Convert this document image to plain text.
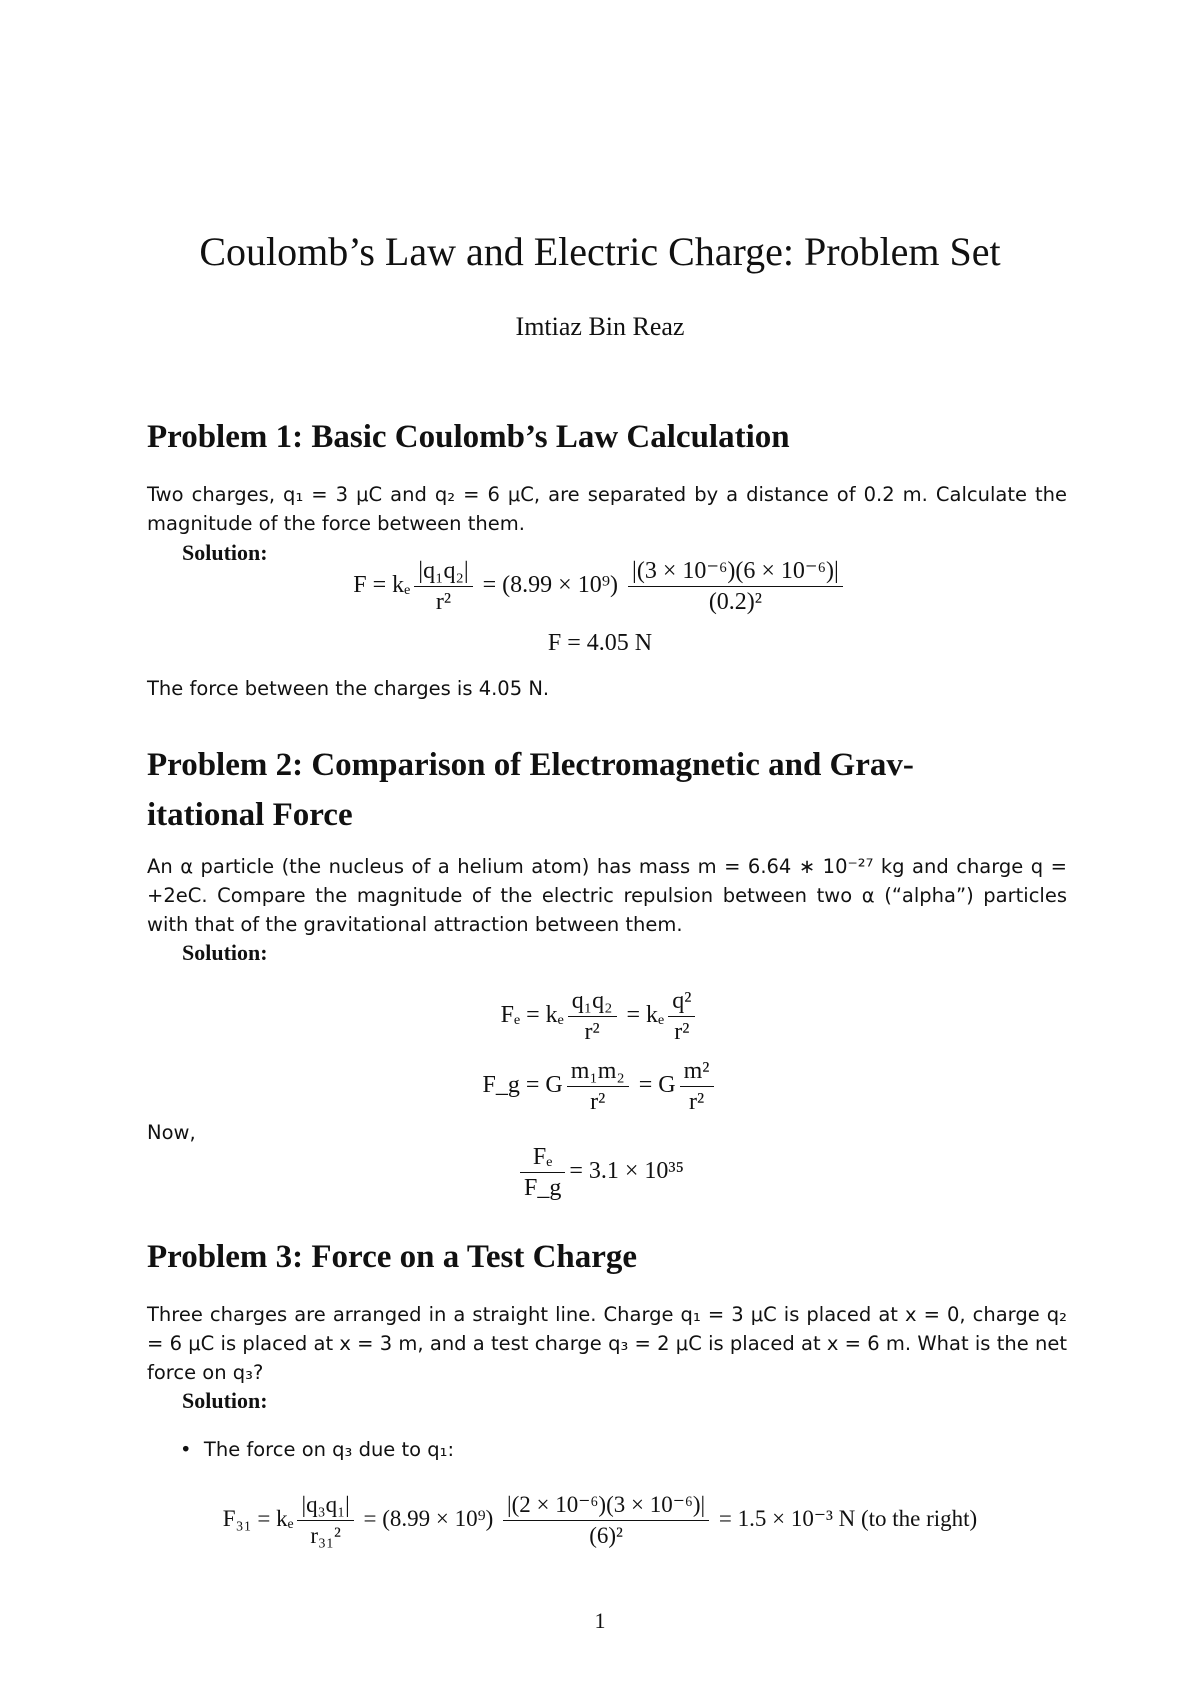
Coulomb’s Law and Electric Charge: Problem Set
Imtiaz Bin Reaz
Problem 1: Basic Coulomb’s Law Calculation
Two charges, q₁ = 3 μC and q₂ = 6 μC, are separated by a distance of 0.2 m. Calculate the magnitude of the force between them.
Solution:
F = kₑ $\frac{\text{|q₁q₂|}}{\text{r²}} = (8.99 \times 10^9) \frac{\text{|(3 × 10⁻⁶)(6 × 10⁻⁶)|}}{\text{(0.2)²}}$
F = 4.05 N
The force between the charges is 4.05 N.
Problem 2: Comparison of Electromagnetic and Grav-
itational Force
An α particle (the nucleus of a helium atom) has mass m = 6.64 ∗ 10⁻²⁷ kg and charge q = +2eC. Compare the magnitude of the electric repulsion between two α (“alpha”) particles with that of the gravitational attraction between them.
Solution:
Fₑ = kₑ $\frac{\text{q₁q₂}}{\text{r²}} = k_e \frac{\text{q²}}{\text{r²}}$
F_g = G $\frac{\text{m₁m₂}}{\text{r²}} = G \frac{\text{m²}}{\text{r²}}$
Now,
$\frac{\text{Fₑ}}{F\_g} = 3.1 \times 10^{35}$
Problem 3: Force on a Test Charge
Three charges are arranged in a straight line. Charge q₁ = 3 μC is placed at x = 0, charge q₂ = 6 μC is placed at x = 3 m, and a test charge q₃ = 2 μC is placed at x = 6 m. What is the net force on q₃?
Solution:
• The force on q₃ due to q₁:
F₃₁ = kₑ $\frac{\text{|q₃q₁|}}{\text{r₃₁²}} = (8.99 \times 10^9) \frac{\text{|(2 × 10⁻⁶)(3 × 10⁻⁶)|}}{\text{(6)²}} = 1.5 \times 10^{-3}$ N (to the right)
1
